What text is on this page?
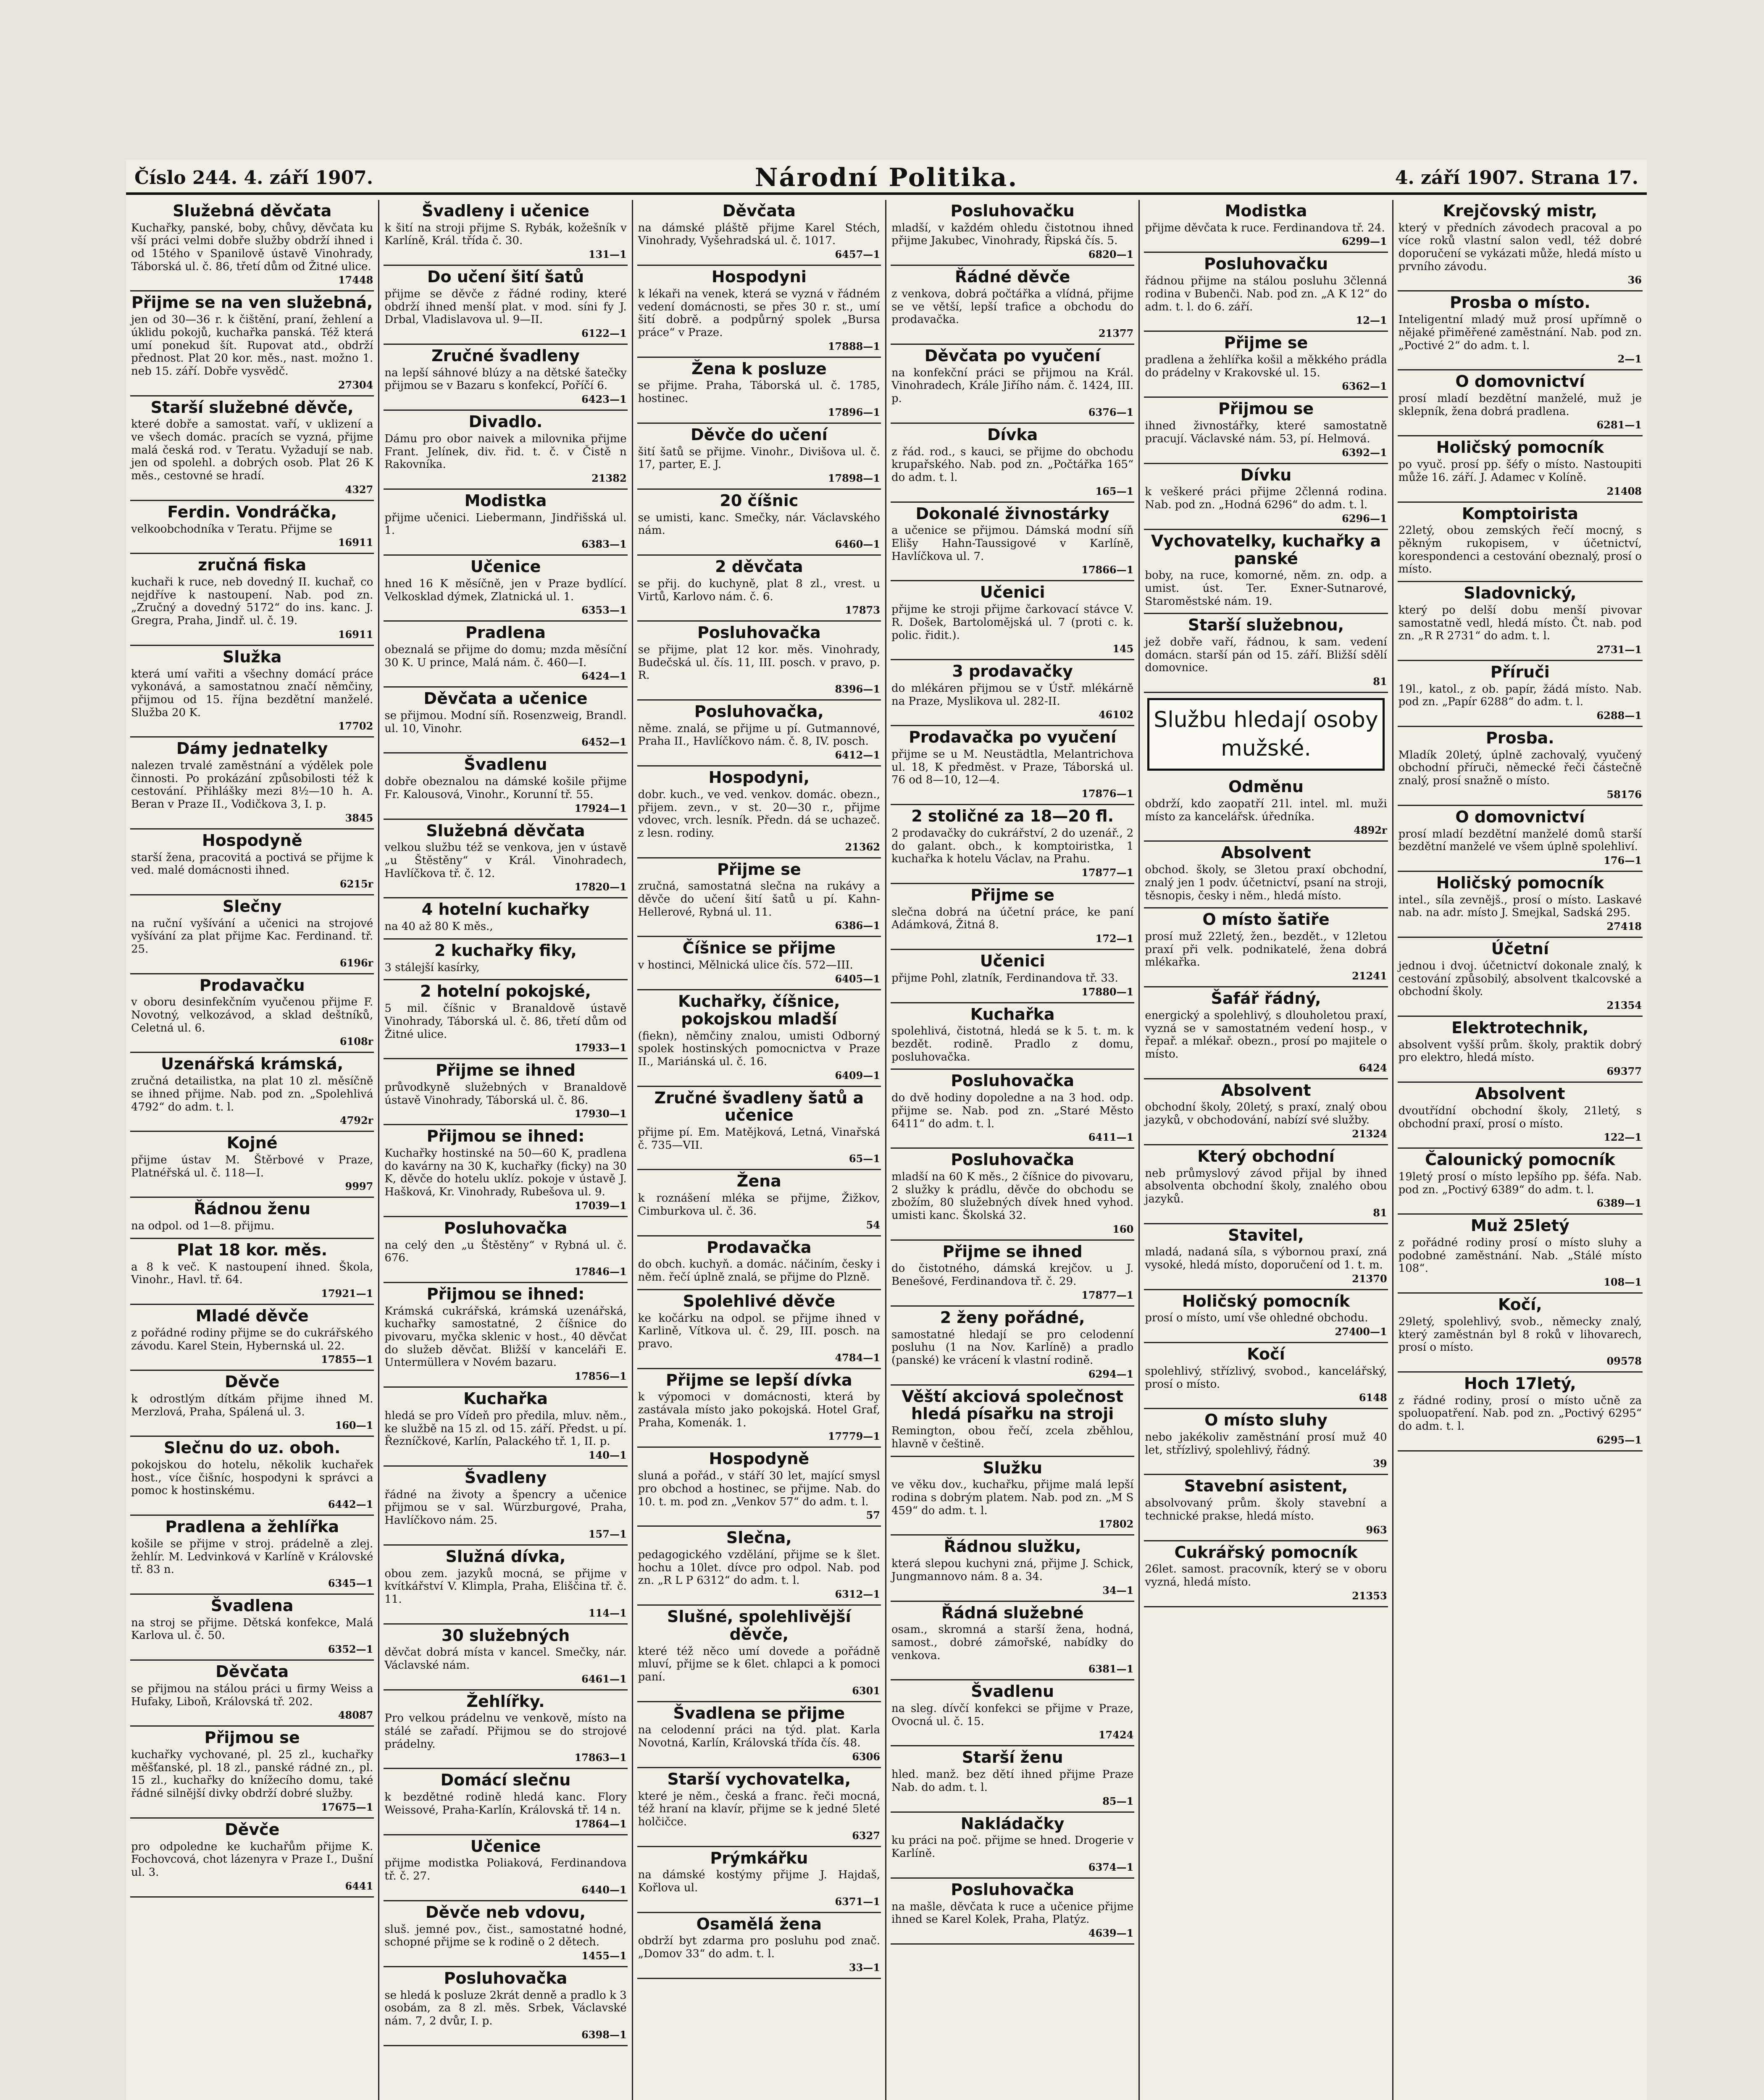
Číslo 244. 4. září 1907.	Národní Politika.	4. září 1907. Strana 17.
Služebná děvčata
Kuchařky, panské, boby, chůvy, děvčata ku vší práci velmi dobře služby obdrží ihned i od 15tého v Spanilově ústavě Vinohrady, Táborská ul. č. 86, třetí dům od Žitné ulice.
17448
Přijme se na ven služebná,
jen od 30—36 r. k čištění, praní, žehlení a úklidu pokojů, kuchařka panská. Též která umí ponekud šít. Rupovat atd., obdrží přednost. Plat 20 kor. měs., nast. možno 1. neb 15. září. Dobře vysvědč.
27304
Starší služebné děvče,
které dobře a samostat. vaří, v uklizení a ve všech domác. pracích se vyzná, přijme malá česká rod. v Teratu. Vyžadují se nab. jen od spolehl. a dobrých osob. Plat 26 K měs., cestovné se hradí.
4327
Ferdin. Vondráčka,
velkoobchodníka v Teratu. Přijme se
16911
zručná fiska
kuchaři k ruce, neb dovedný II. kuchař, co nejdříve k nastoupení. Nab. pod zn. „Zručný a dovedný 5172“ do ins. kanc. J. Gregra, Praha, Jindř. ul. č. 19.
16911
Služka
která umí vařiti a všechny domácí práce vykonává, a samostatnou značí němčiny, přijmou od 15. října bezdětní manželé. Služba 20 K.
17702
Dámy jednatelky
nalezen trvalé zaměstnání a výdělek pole činnosti. Po prokázání způsobilosti též k cestování. Přihlášky mezi 8½—10 h. A. Beran v Praze II., Vodičkova 3, I. p.
3845
Hospodyně
starší žena, pracovitá a poctivá se přijme k ved. malé domácnosti ihned.
6215r
Slečny
na ruční vyšívání a učenici na strojové vyšívání za plat přijme Kac. Ferdinand. tř. 25.
6196r
Prodavačku
v oboru desinfekčním vyučenou přijme F. Novotný, velkozávod, a sklad deštníků, Celetná ul. 6.
6108r
Uzenářská krámská,
zručná detailistka, na plat 10 zl. měsíčně se ihned přijme. Nab. pod zn. „Spolehlivá 4792“ do adm. t. l.
4792r
Kojné
přijme ústav M. Štěrbové v Praze, Platnéřská ul. č. 118—I.
9997
Řádnou ženu
na odpol. od 1—8. přijmu.
Plat 18 kor. měs.
a 8 k več. K nastoupení ihned. Škola, Vinohr., Havl. tř. 64.
17921—1
Mladé děvče
z pořádné rodiny přijme se do cukrářského závodu. Karel Stein, Hybernská ul. 22.
17855—1
Děvče
k odrostlým dítkám přijme ihned M. Merzlová, Praha, Spálená ul. 3.
160—1
Slečnu do uz. oboh.
pokojskou do hotelu, několik kuchařek host., více čišníc, hospodyni k správci a pomoc k hostinskému.
6442—1
Pradlena a žehlířka
košile se přijme v stroj. prádelně a zlej. žehlír. M. Ledvinková v Karlíně v Královské tř. 83 n.
6345—1
Švadlena
na stroj se přijme. Dětská konfekce, Malá Karlova ul. č. 50.
6352—1
Děvčata
se přijmou na stálou práci u firmy Weiss a Hufaky, Liboň, Královská tř. 202.
48087
Přijmou se
kuchařky vychované, pl. 25 zl., kuchařky měšťanské, pl. 18 zl., panské rádné zn., pl. 15 zl., kuchařky do knížecího domu, také řádné silnější divky obdrží dobré služby.
17675—1
Děvče
pro odpoledne ke kuchařům přijme K. Fochovcová, chot lázenyra v Praze I., Dušní ul. 3.
6441
Švadleny i učenice
k šití na stroji přijme S. Rybák, kožešník v Karlíně, Král. třída č. 30.
131—1
Do učení šití šatů
přijme se děvče z řádné rodiny, které obdrží ihned menší plat. v mod. síni fy J. Drbal, Vladislavova ul. 9—II.
6122—1
Zručné švadleny
na lepší sáhnové blúzy a na dětské šatečky přijmou se v Bazaru s konfekcí, Poříčí 6.
6423—1
Divadlo.
Dámu pro obor naivek a milovnika přijme Frant. Jelínek, div. řid. t. č. v Čistě n Rakovníka.
21382
Modistka
přijme učenici. Liebermann, Jindřišská ul. 1.
6383—1
Učenice
hned 16 K měsíčně, jen v Praze bydlící. Velkosklad dýmek, Zlatnická ul. 1.
6353—1
Pradlena
obeznalá se přijme do domu; mzda měsíční 30 K. U prince, Malá nám. č. 460—I.
6424—1
Děvčata a učenice
se přijmou. Modní síň. Rosenzweig, Brandl. ul. 10, Vinohr.
6452—1
Švadlenu
dobře obeznalou na dámské košile přijme Fr. Kalousová, Vinohr., Korunní tř. 55.
17924—1
Služebná děvčata
velkou službu též se venkova, jen v ústavě „u Štěstěny“ v Král. Vinohradech, Havlíčkova tř. č. 12.
17820—1
4 hotelní kuchařky
na 40 až 80 K měs.,
2 kuchařky fiky,
3 stálejší kasírky,
2 hotelní pokojské,
5 mil. číšnic v Branaldově ústavě Vinohrady, Táborská ul. č. 86, třetí dům od Žitné ulice.
17933—1
Přijme se ihned
průvodkyně služebných v Branaldově ústavě Vinohrady, Táborská ul. č. 86.
17930—1
Přijmou se ihned:
Kuchařky hostinské na 50—60 K, pradlena do kavárny na 30 K, kuchařky (ficky) na 30 K, děvče do hotelu uklíz. pokoje v ústavě J. Hašková, Kr. Vinohrady, Rubešova ul. 9.
17039—1
Posluhovačka
na celý den „u Štěstěny“ v Rybná ul. č. 676.
17846—1
Přijmou se ihned:
Krámská cukrářská, krámská uzenářská, kuchařky samostatné, 2 číšnice do pivovaru, myčka sklenic v host., 40 děvčat do služeb děvčat. Bližší v kanceláři E. Untermüllera v Novém bazaru.
17856—1
Kuchařka
hledá se pro Vídeň pro předila, mluv. něm., ke službě na 15 zl. od 15. září. Předst. u pí. Řezníčkové, Karlín, Palackého tř. 1, II. p.
140—1
Švadleny
řádné na životy a špencry a učenice přijmou se v sal. Würzburgové, Praha, Havlíčkovo nám. 25.
157—1
Služná dívka,
obou zem. jazyků mocná, se přijme v kvítkářství V. Klimpla, Praha, Eliščina tř. č. 11.
114—1
30 služebných
děvčat dobrá místa v kancel. Smečky, nár. Václavské nám.
6461—1
Žehlířky.
Pro velkou prádelnu ve venkově, místo na stálé se zařadí. Přijmou se do strojové prádelny.
17863—1
Domácí slečnu
k bezdětné rodině hledá kanc. Flory Weissové, Praha-Karlín, Královská tř. 14 n.
17864—1
Učenice
přijme modistka Poliaková, Ferdinandova tř. č. 27.
6440—1
Děvče neb vdovu,
sluš. jemné pov., čist., samostatné hodné, schopné přijme se k rodině o 2 dětech.
1455—1
Posluhovačka
se hledá k posluze 2krát denně a pradlo k 3 osobám, za 8 zl. měs. Srbek, Václavské nám. 7, 2 dvůr, I. p.
6398—1
Děvčata
na dámské pláště přijme Karel Stéch, Vinohrady, Vyšehradská ul. č. 1017.
6457—1
Hospodyni
k lékaři na venek, která se vyzná v řádném vedení domácnosti, se přes 30 r. st., umí šití dobrě. a podpůrný spolek „Bursa práce“ v Praze.
17888—1
Žena k posluze
se přijme. Praha, Táborská ul. č. 1785, hostinec.
17896—1
Děvče do učení
šití šatů se přijme. Vinohr., Divišova ul. č. 17, parter, E. J.
17898—1
20 číšnic
se umisti, kanc. Smečky, nár. Václavského nám.
6460—1
2 děvčata
se přij. do kuchyně, plat 8 zl., vrest. u Virtů, Karlovo nám. č. 6.
17873
Posluhovačka
se přijme, plat 12 kor. měs. Vinohrady, Budečská ul. čís. 11, III. posch. v pravo, p. R.
8396—1
Posluhovačka,
něme. znalá, se přijme u pí. Gutmannové, Praha II., Havlíčkovo nám. č. 8, IV. posch.
6412—1
Hospodyni,
dobr. kuch., ve ved. venkov. domác. obezn., přijem. zevn., v st. 20—30 r., přijme vdovec, vrch. lesník. Předn. dá se uchazeč. z lesn. rodiny.
21362
Přijme se
zručná, samostatná slečna na rukávy a děvče do učení šití šatů u pí. Kahn-Hellerové, Rybná ul. 11.
6386—1
Číšnice se přijme
v hostinci, Mělnická ulice čís. 572—III.
6405—1
Kuchařky, číšnice, pokojskou mladší
(fiekn), němčiny znalou, umisti Odborný spolek hostinských pomocnictva v Praze II., Mariánská ul. č. 16.
6409—1
Zručné švadleny šatů a učenice
přijme pí. Em. Matějková, Letná, Vinařská č. 735—VII.
65—1
Žena
k roznášení mléka se přijme, Žižkov, Cimburkova ul. č. 36.
54
Prodavačka
do obch. kuchyň. a domác. náčiním, česky i něm. řečí úplně znalá, se přijme do Plzně.
Spolehlivé děvče
ke kočárku na odpol. se přijme ihned v Karlině, Vítkova ul. č. 29, III. posch. na pravo.
4784—1
Přijme se lepší dívka
k výpomoci v domácnosti, která by zastávala místo jako pokojská. Hotel Graf, Praha, Komenák. 1.
17779—1
Hospodyně
sluná a pořád., v stáří 30 let, mající smysl pro obchod a hostinec, se přijme. Nab. do 10. t. m. pod zn. „Venkov 57“ do adm. t. l.
57
Slečna,
pedagogického vzdělání, přijme se k šlet. hochu a 10let. dívce pro odpol. Nab. pod zn. „R L P 6312“ do adm. t. l.
6312—1
Slušné, spolehlivější děvče,
které též něco umí dovede a pořádně mluví, přijme se k 6let. chlapci a k pomoci paní.
6301
Švadlena se přijme
na celodenní práci na týd. plat. Karla Novotná, Karlín, Královská třída čís. 48.
6306
Starší vychovatelka,
které je něm., česká a franc. řeči mocná, též hraní na klavír, přijme se k jedné 5leté holčičce.
6327
Prýmkářku
na dámské kostýmy přijme J. Hajdaš, Kořlova ul.
6371—1
Osamělá žena
obdrží byt zdarma pro posluhu pod znač. „Domov 33“ do adm. t. l.
33—1
Posluhovačku
mladší, v každém ohledu čistotnou ihned přijme Jakubec, Vinohrady, Řipská čís. 5.
6820—1
Řádné děvče
z venkova, dobrá počtářka a vlídná, přijme se ve větší, lepší trafice a obchodu do prodavačka.
21377
Děvčata po vyučení
na konfekční práci se přijmou na Král. Vinohradech, Krále Jiřího nám. č. 1424, III. p.
6376—1
Dívka
z řád. rod., s kauci, se přijme do obchodu krupařského. Nab. pod zn. „Počtářka 165“ do adm. t. l.
165—1
Dokonalé živnostárky
a učenice se přijmou. Dámská modní síň Elišy Hahn-Taussigové v Karlíně, Havlíčkova ul. 7.
17866—1
Učenici
přijme ke stroji přijme čarkovací stávce V. R. Došek, Bartolomějská ul. 7 (proti c. k. polic. řidit.).
145
3 prodavačky
do mlékáren přijmou se v Ústř. mlékárně na Praze, Myslikova ul. 282-II.
46102
Prodavačka po vyučení
přijme se u M. Neustädtla, Melantrichova ul. 18, K předměst. v Praze, Táborská ul. 76 od 8—10, 12—4.
17876—1
2 stoličné za 18—20 fl.
2 prodavačky do cukrářství, 2 do uzenář., 2 do galant. obch., k komptoiristka, 1 kuchařka k hotelu Václav, na Prahu.
17877—1
Přijme se
slečna dobrá na účetní práce, ke paní Adámková, Žitná 8.
172—1
Učenici
přijme Pohl, zlatník, Ferdinandova tř. 33.
17880—1
Kuchařka
spolehlivá, čistotná, hledá se k 5. t. m. k bezdět. rodině. Pradlo z domu, posluhovačka.
Posluhovačka
do dvě hodiny dopoledne a na 3 hod. odp. přijme se. Nab. pod zn. „Staré Město 6411“ do adm. t. l.
6411—1
Posluhovačka
mladší na 60 K měs., 2 číšnice do pivovaru, 2 služky k prádlu, děvče do obchodu se zbožím, 80 služebných dívek hned vyhod. umisti kanc. Školská 32.
160
Přijme se ihned
do čistotného, dámská krejčov. u J. Benešové, Ferdinandova tř. č. 29.
17877—1
2 ženy pořádné,
samostatné hledají se pro celodenní posluhu (1 na Nov. Karlíně) a pradlo (panské) ke vrácení k vlastní rodině.
6294—1
Věští akciová společnost hledá písařku na stroji
Remington, obou řečí, zcela zběhlou, hlavně v češtině.
Služku
ve věku dov., kuchařku, přijme malá lepší rodina s dobrým platem. Nab. pod zn. „M S 459“ do adm. t. l.
17802
Řádnou služku,
která slepou kuchyni zná, přijme J. Schick, Jungmannovo nám. 8 a. 34.
34—1
Řádná služebné
osam., skromná a starší žena, hodná, samost., dobré zámořské, nabídky do venkova.
6381—1
Švadlenu
na sleg. dívčí konfekci se přijme v Praze, Ovocná ul. č. 15.
17424
Starší ženu
hled. manž. bez dětí ihned přijme Praze Nab. do adm. t. l.
85—1
Nakládačky
ku práci na poč. přijme se hned. Drogerie v Karlíně.
6374—1
Posluhovačka
na mašle, děvčata k ruce a učenice přijme ihned se Karel Kolek, Praha, Platýz.
4639—1
Modistka
přijme děvčata k ruce. Ferdinandova tř. 24.
6299—1
Posluhovačku
řádnou přijme na stálou posluhu 3členná rodina v Bubenči. Nab. pod zn. „A K 12“ do adm. t. l. do 6. září.
12—1
Přijme se
pradlena a žehlířka košil a měkkého prádla do prádelny v Krakovské ul. 15.
6362—1
Přijmou se
ihned živnostářky, které samostatně pracují. Václavské nám. 53, pí. Helmová.
6392—1
Dívku
k veškeré práci přijme 2členná rodina. Nab. pod zn. „Hodná 6296“ do adm. t. l.
6296—1
Vychovatelky, kuchařky a panské
boby, na ruce, komorné, něm. zn. odp. a umist. úst. Ter. Exner-Sutnarové, Staroměstské nám. 19.
Starší služebnou,
jež dobře vaří, řádnou, k sam. vedení domácn. starší pán od 15. září. Bližší sdělí domovnice.
81
Službu hledají osoby mužské.
Odměnu
obdrží, kdo zaopatří 21l. intel. ml. muži místo za kancelářsk. úředníka.
4892r
Absolvent
obchod. školy, se 3letou praxí obchodní, znalý jen 1 podv. účetnictví, psaní na stroji, těsnopis, česky i něm., hledá místo.
O místo šatiře
prosí muž 22letý, žen., bezdět., v 12letou praxí při velk. podnikatelé, žena dobrá mlékařka.
21241
Šafář řádný,
energický a spolehlivý, s dlouholetou praxí, vyzná se v samostatném vedení hosp., v řepař. a mlékař. obezn., prosí po majitele o místo.
6424
Absolvent
obchodní školy, 20letý, s praxí, znalý obou jazyků, v obchodování, nabízí své služby.
21324
Který obchodní
neb průmyslový závod přijal by ihned absolventa obchodní školy, znalého obou jazyků.
81
Stavitel,
mladá, nadaná síla, s výbornou praxí, zná vysoké, hledá místo, doporučení od 1. t. m.
21370
Holičský pomocník
prosí o místo, umí vše ohledné obchodu.
27400—1
Kočí
spolehlivý, střízlivý, svobod., kancelářský, prosí o místo.
6148
O místo sluhy
nebo jakékoliv zaměstnání prosí muž 40 let, střízlivý, spolehlivý, řádný.
39
Stavební asistent,
absolvovaný prům. školy stavební a technické prakse, hledá místo.
963
Cukrářský pomocník
26let. samost. pracovník, který se v oboru vyzná, hledá místo.
21353
Krejčovský mistr,
který v předních závodech pracoval a po více roků vlastní salon vedl, též dobré doporučení se vykázati může, hledá místo u prvního závodu.
36
Prosba o místo.
Inteligentní mladý muž prosí upřímně o nějaké přiměřené zaměstnání. Nab. pod zn. „Poctivé 2“ do adm. t. l.
2—1
O domovnictví
prosí mladí bezdětní manželé, muž je sklepník, žena dobrá pradlena.
6281—1
Holičský pomocník
po vyuč. prosí pp. šéfy o místo. Nastoupiti může 16. září. J. Adamec v Kolíně.
21408
Komptoirista
22letý, obou zemských řečí mocný, s pěkným rukopisem, v účetnictví, korespondenci a cestování obeznalý, prosí o místo.
Sladovnický,
který po delší dobu menší pivovar samostatně vedl, hledá místo. Čt. nab. pod zn. „R R 2731“ do adm. t. l.
2731—1
Příruči
19l., katol., z ob. papír, žádá místo. Nab. pod zn. „Papír 6288“ do adm. t. l.
6288—1
Prosba.
Mladík 20letý, úplně zachovalý, vyučený obchodní příruči, německé řeči částečně znalý, prosí snažně o místo.
58176
O domovnictví
prosí mladí bezdětní manželé domů starší bezdětní manželé ve všem úplně spolehliví.
176—1
Holičský pomocník
intel., síla zevnějš., prosí o místo. Laskavé nab. na adr. místo J. Smejkal, Sadská 295.
27418
Účetní
jednou i dvoj. účetnictví dokonale znalý, k cestování způsobilý, absolvent tkalcovské a obchodní školy.
21354
Elektrotechnik,
absolvent vyšší prům. školy, praktik dobrý pro elektro, hledá místo.
69377
Absolvent
dvoutřídní obchodní školy, 21letý, s obchodní praxí, prosí o místo.
122—1
Čalounický pomocník
19letý prosí o místo lepšího pp. šéfa. Nab. pod zn. „Poctivý 6389“ do adm. t. l.
6389—1
Muž 25letý
z pořádné rodiny prosí o místo sluhy a podobné zaměstnání. Nab. „Stálé místo 108“.
108—1
Kočí,
29letý, spolehlivý, svob., německy znalý, který zaměstnán byl 8 roků v lihovarech, prosí o místo.
09578
Hoch 17letý,
z řádné rodiny, prosí o místo učně za spoluopatření. Nab. pod zn. „Poctivý 6295“ do adm. t. l.
6295—1
